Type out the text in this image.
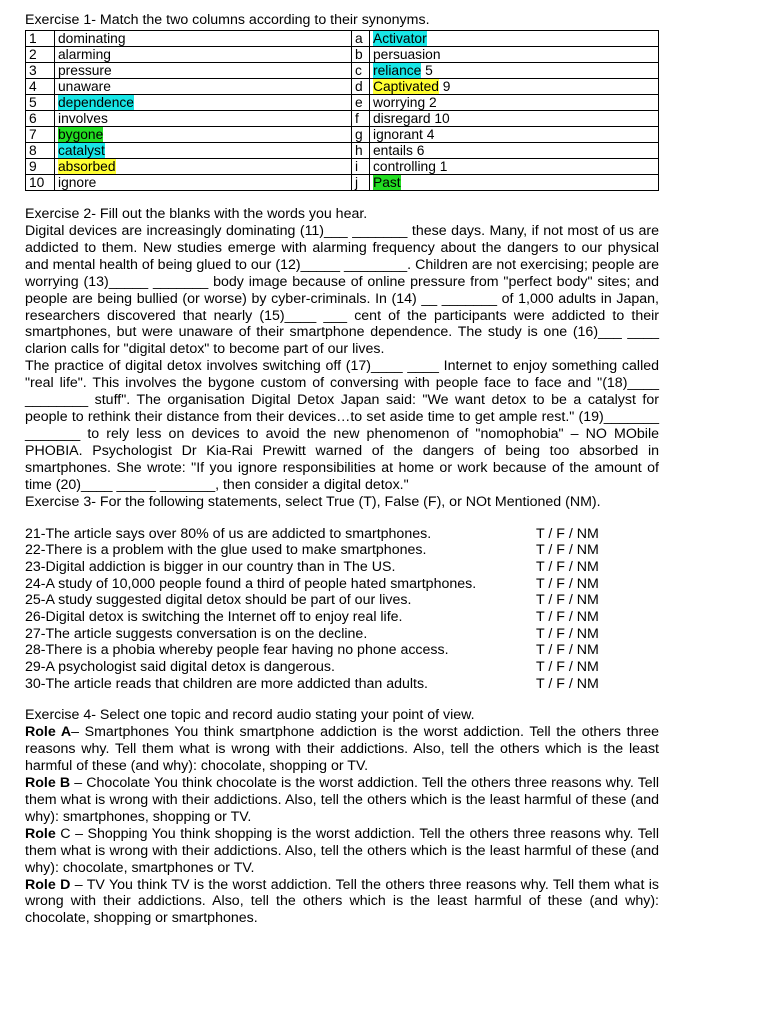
Exercise 1- Match the two columns according to their synonyms.

1	dominating	a	Activator
2	alarming	b	persuasion
3	pressure	c	reliance 5
4	unaware	d	Captivated 9
5	dependence	e	worrying 2
6	involves	f	disregard 10
7	bygone	g	ignorant 4
8	catalyst	h	entails 6
9	absorbed	i	controlling 1
10	ignore	j	Past

Exercise 2- Fill out the blanks with the words you hear.

Digital devices are increasingly dominating (11)___ _______ these days. Many, if not most of us are addicted to them. New studies emerge with alarming frequency about the dangers to our physical and mental health of being glued to our (12)_____ ________. Children are not exercising; people are worrying (13)_____ _______ body image because of online pressure from "perfect body" sites; and people are being bullied (or worse) by cyber-criminals. In (14) __ _______ of 1,000 adults in Japan, researchers discovered that nearly (15)____ ___ cent of the participants were addicted to their smartphones, but were unaware of their smartphone dependence. The study is one (16)___ ____ clarion calls for "digital detox" to become part of our lives.

The practice of digital detox involves switching off (17)____ ____ Internet to enjoy something called "real life". This involves the bygone custom of conversing with people face to face and "(18)____ ________ stuff". The organisation Digital Detox Japan said: "We want detox to be a catalyst for people to rethink their distance from their devices…to set aside time to get ample rest." (19)_______ _______ to rely less on devices to avoid the new phenomenon of "nomophobia" – NO MObile PHOBIA. Psychologist Dr Kia-Rai Prewitt warned of the dangers of being too absorbed in smartphones. She wrote: "If you ignore responsibilities at home or work because of the amount of time (20)____ _____ _______, then consider a digital detox."

Exercise 3- For the following statements, select True (T), False (F), or NOt Mentioned (NM).

21-The article says over 80% of us are addicted to smartphones.	T / F / NM
22-There is a problem with the glue used to make smartphones.	T / F / NM
23-Digital addiction is bigger in our country than in The US.	T / F / NM
24-A study of 10,000 people found a third of people hated smartphones.	T / F / NM
25-A study suggested digital detox should be part of our lives.	T / F / NM
26-Digital detox is switching the Internet off to enjoy real life.	T / F / NM
27-The article suggests conversation is on the decline.	T / F / NM
28-There is a phobia whereby people fear having no phone access.	T / F / NM
29-A psychologist said digital detox is dangerous.	T / F / NM
30-The article reads that children are more addicted than adults.	T / F / NM

Exercise 4- Select one topic and record audio stating your point of view.

Role A– Smartphones You think smartphone addiction is the worst addiction. Tell the others three reasons why. Tell them what is wrong with their addictions. Also, tell the others which is the least harmful of these (and why): chocolate, shopping or TV.

Role B – Chocolate You think chocolate is the worst addiction. Tell the others three reasons why. Tell them what is wrong with their addictions. Also, tell the others which is the least harmful of these (and why): smartphones, shopping or TV.

Role C – Shopping You think shopping is the worst addiction. Tell the others three reasons why. Tell them what is wrong with their addictions. Also, tell the others which is the least harmful of these (and why): chocolate, smartphones or TV.

Role D – TV You think TV is the worst addiction. Tell the others three reasons why. Tell them what is wrong with their addictions. Also, tell the others which is the least harmful of these (and why): chocolate, shopping or smartphones.
